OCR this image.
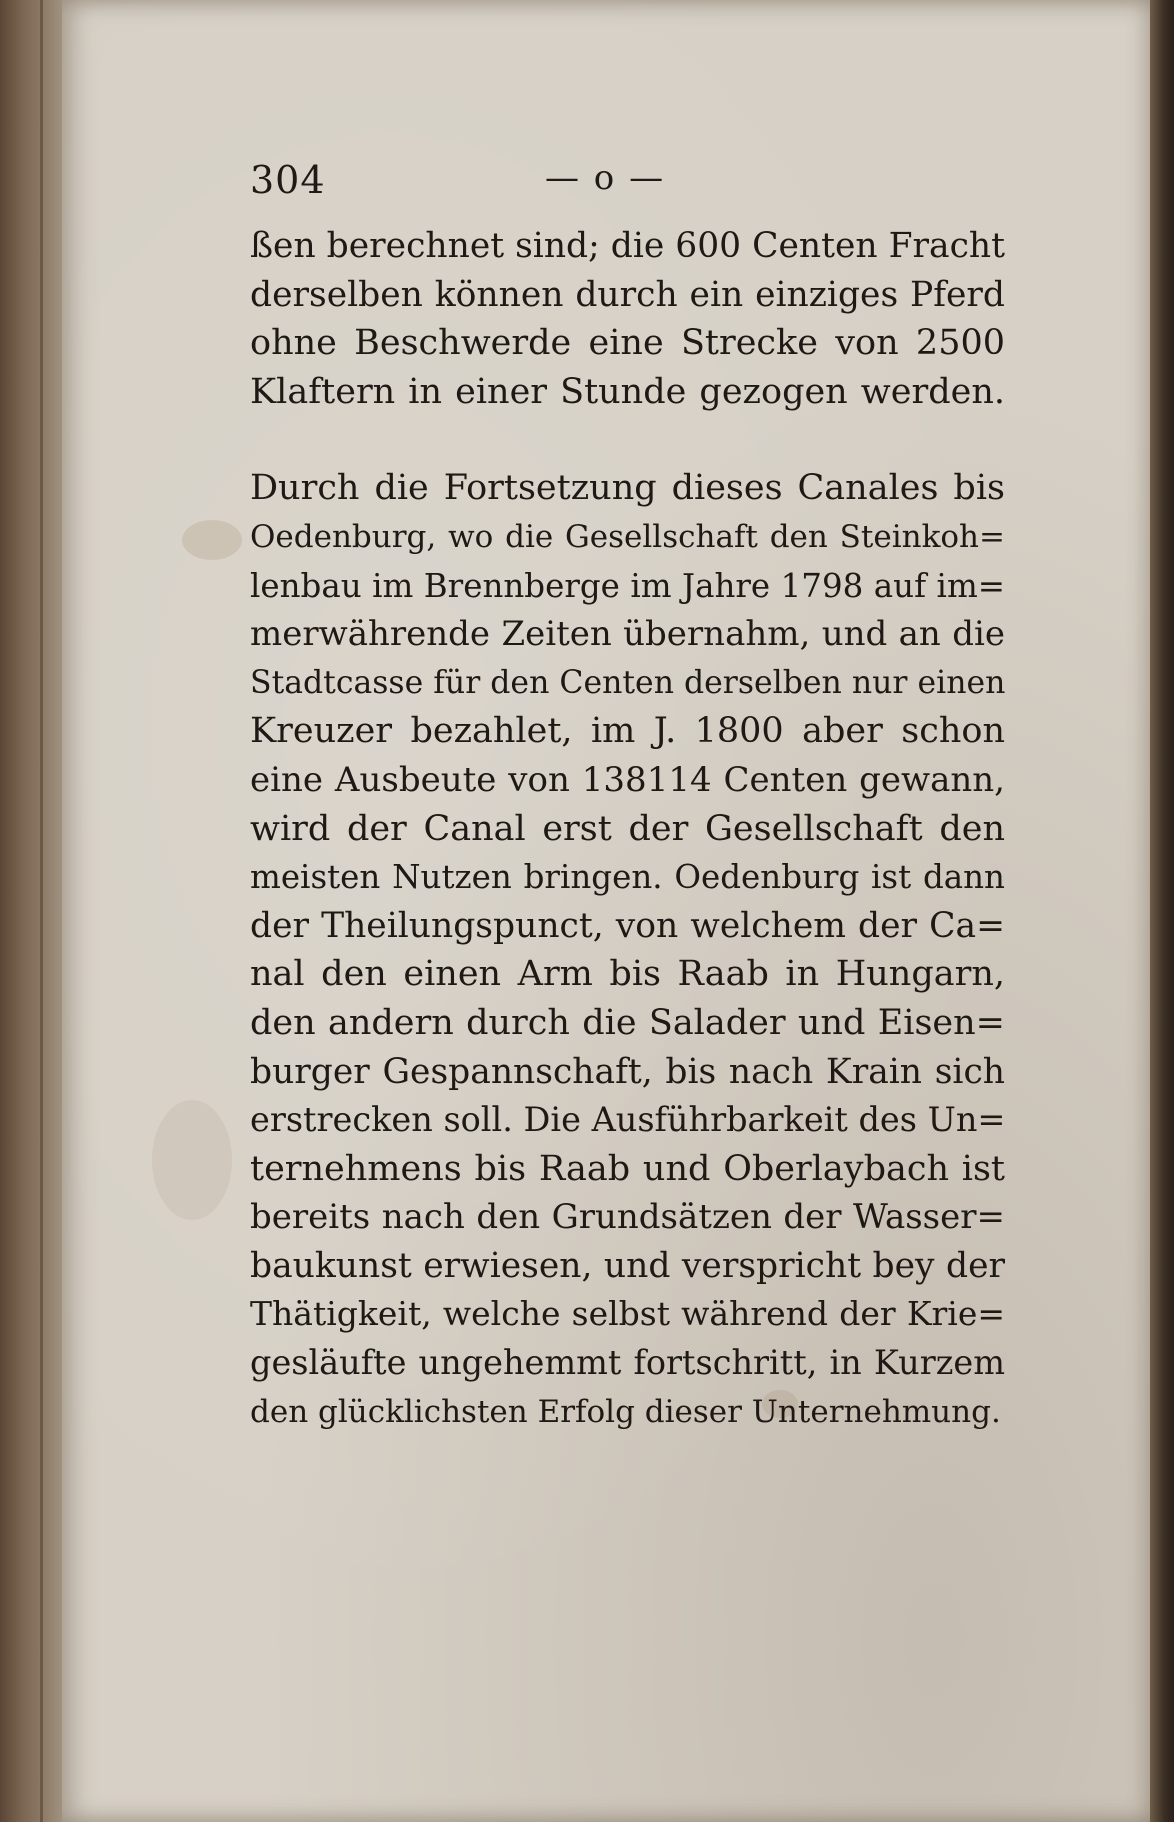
304	— o —
ßen berechnet sind; die 600 Centen Fracht
derselben können durch ein einziges Pferd
ohne Beschwerde eine Strecke von 2500
Klaftern in einer Stunde gezogen werden.
Durch die Fortsetzung dieses Canales bis
Oedenburg, wo die Gesellschaft den Steinkoh=
lenbau im Brennberge im Jahre 1798 auf im=
merwährende Zeiten übernahm, und an die
Stadtcasse für den Centen derselben nur einen
Kreuzer bezahlet, im J. 1800 aber schon
eine Ausbeute von 138114 Centen gewann,
wird der Canal erst der Gesellschaft den
meisten Nutzen bringen. Oedenburg ist dann
der Theilungspunct, von welchem der Ca=
nal den einen Arm bis Raab in Hungarn,
den andern durch die Salader und Eisen=
burger Gespannschaft, bis nach Krain sich
erstrecken soll. Die Ausführbarkeit des Un=
ternehmens bis Raab und Oberlaybach ist
bereits nach den Grundsätzen der Wasser=
baukunst erwiesen, und verspricht bey der
Thätigkeit, welche selbst während der Krie=
gesläufte ungehemmt fortschritt, in Kurzem
den glücklichsten Erfolg dieser Unternehmung.
